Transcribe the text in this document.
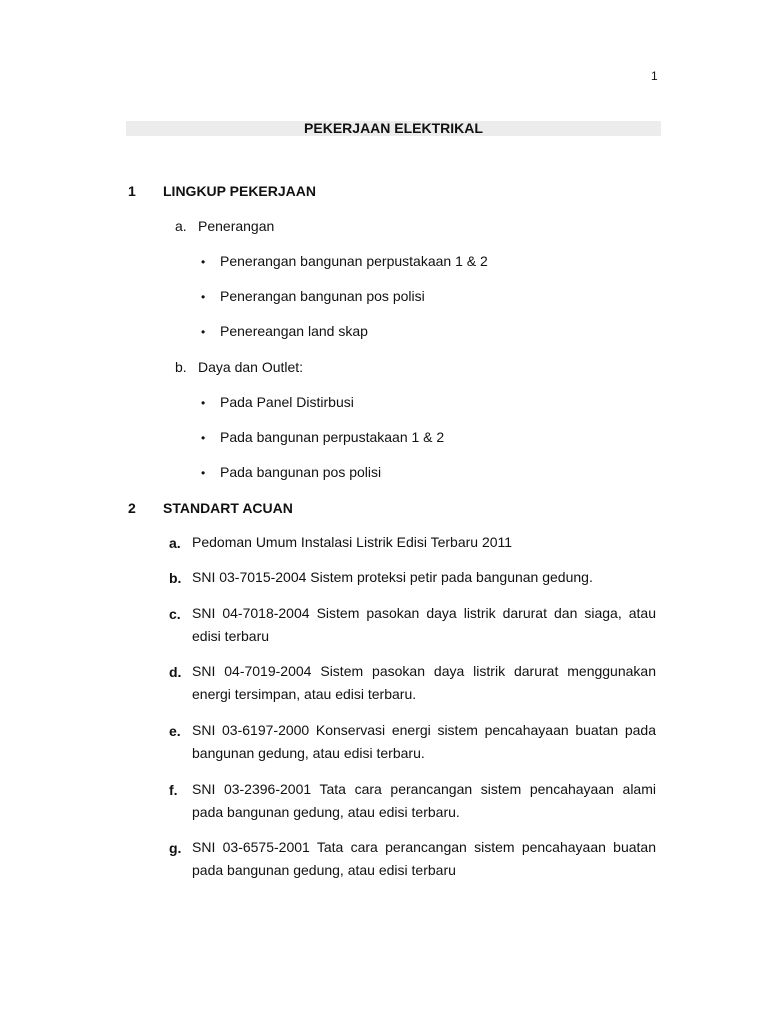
1
PEKERJAAN ELEKTRIKAL
1 LINGKUP PEKERJAAN
a. Penerangan
• Penerangan bangunan perpustakaan 1 & 2
• Penerangan bangunan pos polisi
• Penereangan land skap
b. Daya dan Outlet:
• Pada Panel Distirbusi
• Pada bangunan perpustakaan 1 & 2
• Pada bangunan pos polisi
2 STANDART ACUAN
a. Pedoman Umum Instalasi Listrik Edisi Terbaru 2011
b. SNI 03-7015-2004 Sistem proteksi petir pada bangunan gedung.
c. SNI 04-7018-2004 Sistem pasokan daya listrik darurat dan siaga, atau edisi terbaru
d. SNI 04-7019-2004 Sistem pasokan daya listrik darurat menggunakan energi tersimpan, atau edisi terbaru.
e. SNI 03-6197-2000 Konservasi energi sistem pencahayaan buatan pada bangunan gedung, atau edisi terbaru.
f. SNI 03-2396-2001 Tata cara perancangan sistem pencahayaan alami pada bangunan gedung, atau edisi terbaru.
g. SNI 03-6575-2001 Tata cara perancangan sistem pencahayaan buatan pada bangunan gedung, atau edisi terbaru
